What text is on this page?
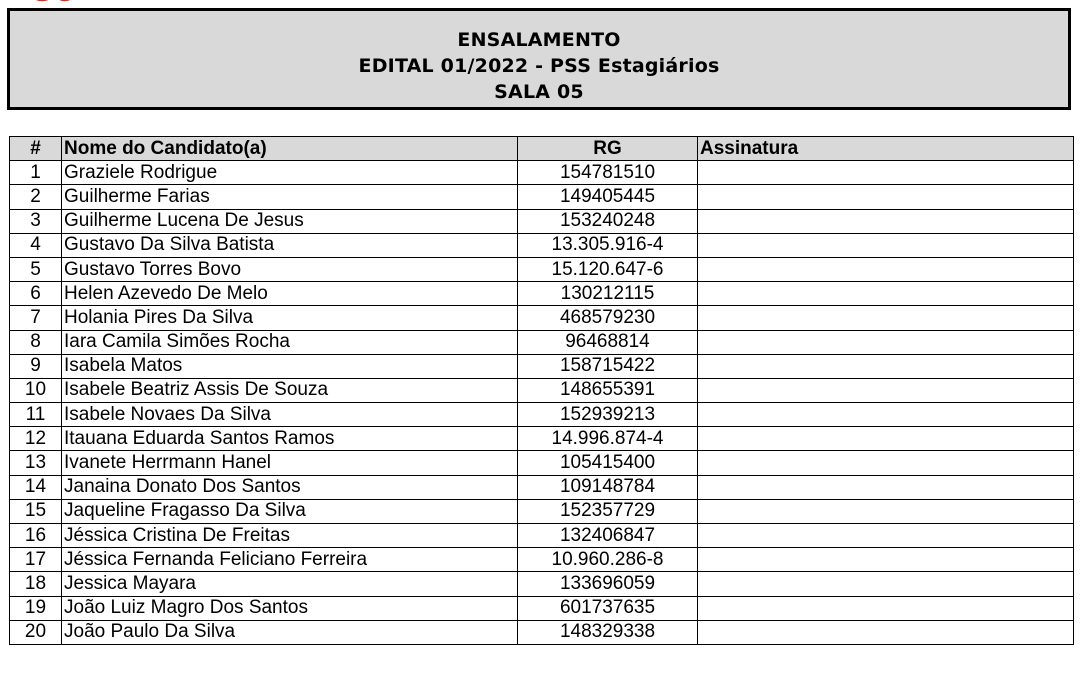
ENSALAMENTO
EDITAL 01/2022 - PSS Estagiários
SALA 05
#	Nome do Candidato(a)	RG	Assinatura
1	Graziele Rodrigue	154781510	
2	Guilherme Farias	149405445	
3	Guilherme Lucena De Jesus	153240248	
4	Gustavo Da Silva Batista	13.305.916-4	
5	Gustavo Torres Bovo	15.120.647-6	
6	Helen Azevedo De Melo	130212115	
7	Holania Pires Da Silva	468579230	
8	Iara Camila Simões Rocha	96468814	
9	Isabela Matos	158715422	
10	Isabele Beatriz Assis De Souza	148655391	
11	Isabele Novaes Da Silva	152939213	
12	Itauana Eduarda Santos Ramos	14.996.874-4	
13	Ivanete Herrmann Hanel	105415400	
14	Janaina Donato Dos Santos	109148784	
15	Jaqueline Fragasso Da Silva	152357729	
16	Jéssica Cristina De Freitas	132406847	
17	Jéssica Fernanda Feliciano Ferreira	10.960.286-8	
18	Jessica Mayara	133696059	
19	João Luiz Magro Dos Santos	601737635	
20	João Paulo Da Silva	148329338	
